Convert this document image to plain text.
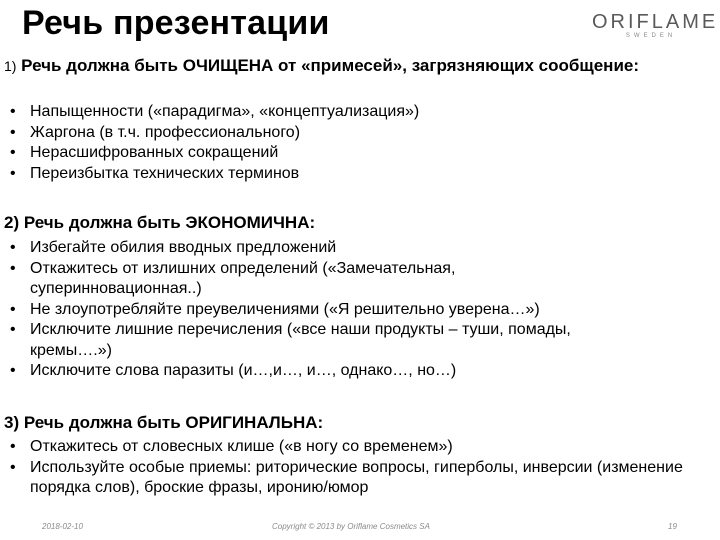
Речь презентации	ORIFLAME
SWEDEN
1) Речь должна быть ОЧИЩЕНА от «примесей», загрязняющих сообщение:
• Напыщенности («парадигма», «концептуализация»)
• Жаргона (в т.ч. профессионального)
• Нерасшифрованных сокращений
• Переизбытка технических терминов
2) Речь должна быть ЭКОНОМИЧНА:
• Избегайте обилия вводных предложений
• Откажитесь от излишних определений («Замечательная, суперинновационная..)
• Не злоупотребляйте преувеличениями («Я решительно уверена…»)
• Исключите лишние перечисления («все наши продукты – туши, помады, кремы….»)
• Исключите слова паразиты (и…,и…, и…, однако…, но…)
3) Речь должна быть ОРИГИНАЛЬНА:
• Откажитесь от словесных клише («в ногу со временем»)
• Используйте особые приемы: риторические вопросы, гиперболы, инверсии (изменение порядка слов), броские фразы, иронию/юмор
2018-02-10	Copyright © 2013 by Oriflame Cosmetics SA	19
